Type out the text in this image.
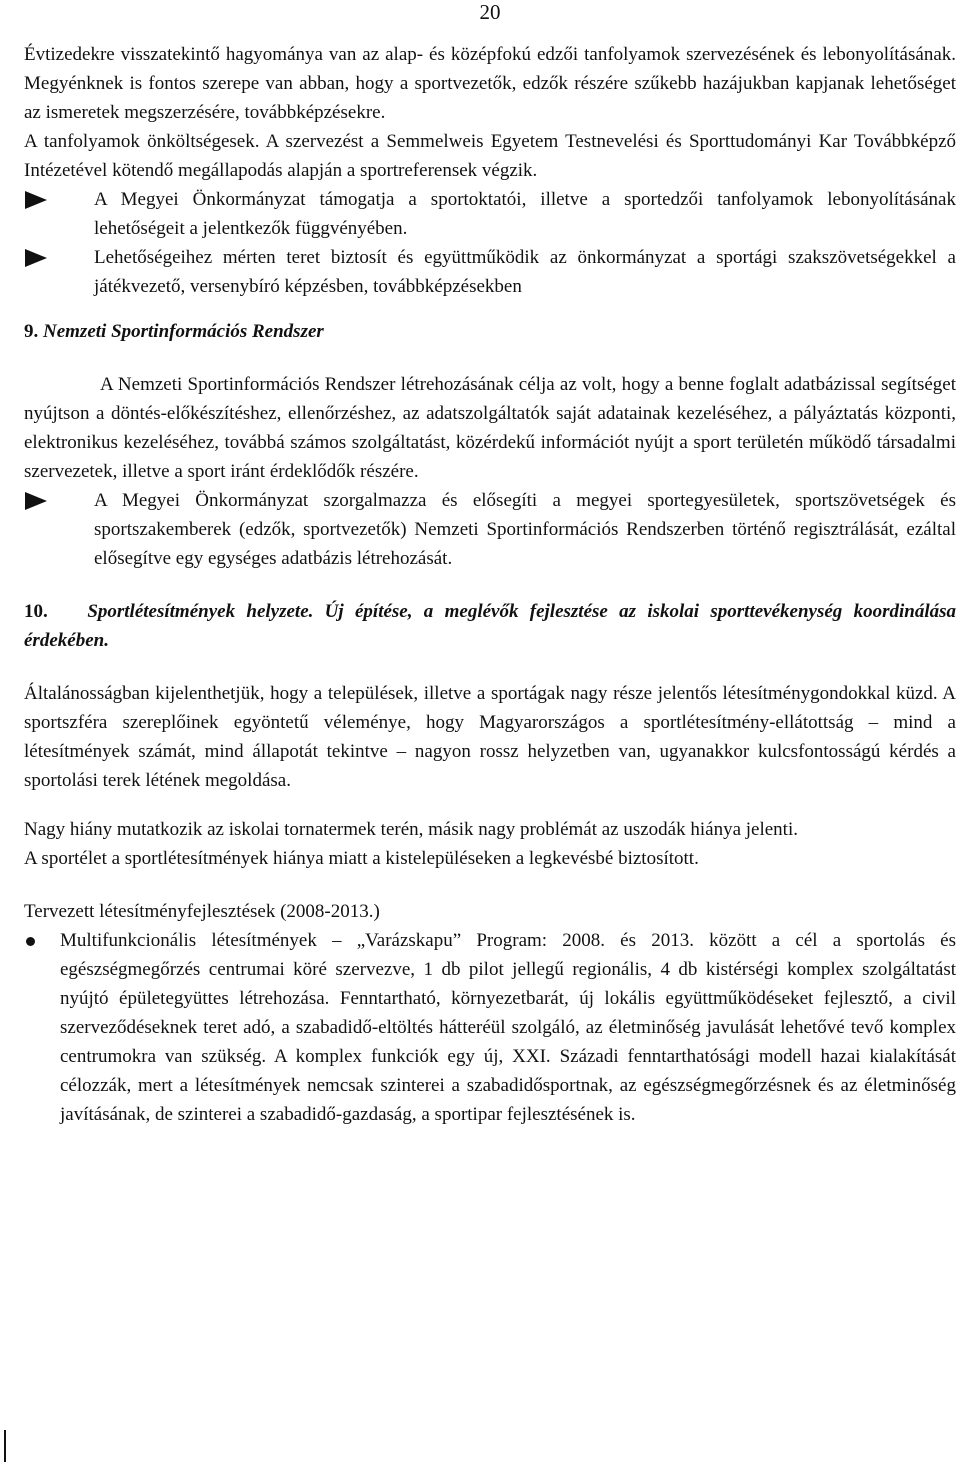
20

Évtizedekre visszatekintő hagyománya van az alap- és középfokú edzői tanfolyamok szervezésének és lebonyolításának. Megyénknek is fontos szerepe van abban, hogy a sportvezetők, edzők részére szűkebb hazájukban kapjanak lehetőséget az ismeretek megszerzésére, továbbképzésekre.

A tanfolyamok önköltségesek. A szervezést a Semmelweis Egyetem Testnevelési és Sporttudományi Kar Továbbképző Intézetével kötendő megállapodás alapján a sportreferensek végzik.

A Megyei Önkormányzat támogatja a sportoktatói, illetve a sportedzői tanfolyamok lebonyolításának lehetőségeit a jelentkezők függvényében.
Lehetőségeihez mérten teret biztosít és együttműködik az önkormányzat a sportági szakszövetségekkel a játékvezető, versenybíró képzésben, továbbképzésekben

9. Nemzeti Sportinformációs Rendszer

A Nemzeti Sportinformációs Rendszer létrehozásának célja az volt, hogy a benne foglalt adatbázissal segítséget nyújtson a döntés-előkészítéshez, ellenőrzéshez, az adatszolgáltatók saját adatainak kezeléséhez, a pályáztatás központi, elektronikus kezeléséhez, továbbá számos szolgáltatást, közérdekű információt nyújt a sport területén működő társadalmi szervezetek, illetve a sport iránt érdeklődők részére.

A Megyei Önkormányzat szorgalmazza és elősegíti a megyei sportegyesületek, sportszövetségek és sportszakemberek (edzők, sportvezetők) Nemzeti Sportinformációs Rendszerben történő regisztrálását, ezáltal elősegítve egy egységes adatbázis létrehozását.

10. Sportlétesítmények helyzete. Új építése, a meglévők fejlesztése az iskolai sporttevékenység koordinálása érdekében.

Általánosságban kijelenthetjük, hogy a települések, illetve a sportágak nagy része jelentős létesítménygondokkal küzd. A sportszféra szereplőinek egyöntetű véleménye, hogy Magyarországos a sportlétesítmény-ellátottság – mind a létesítmények számát, mind állapotát tekintve – nagyon rossz helyzetben van, ugyanakkor kulcsfontosságú kérdés a sportolási terek létének megoldása.

Nagy hiány mutatkozik az iskolai tornatermek terén, másik nagy problémát az uszodák hiánya jelenti.

A sportélet a sportlétesítmények hiánya miatt a kistelepüléseken a legkevésbé biztosított.

Tervezett létesítményfejlesztések (2008-2013.)

Multifunkcionális létesítmények – „Varázskapu” Program: 2008. és 2013. között a cél a sportolás és egészségmegőrzés centrumai köré szervezve, 1 db pilot jellegű regionális, 4 db kistérségi komplex szolgáltatást nyújtó épületegyüttes létrehozása. Fenntartható, környezetbarát, új lokális együttműködéseket fejlesztő, a civil szerveződéseknek teret adó, a szabadidő-eltöltés hátteréül szolgáló, az életminőség javulását lehetővé tevő komplex centrumokra van szükség. A komplex funkciók egy új, XXI. Századi fenntarthatósági modell hazai kialakítását célozzák, mert a létesítmények nemcsak szinterei a szabadidősportnak, az egészségmegőrzésnek és az életminőség javításának, de szinterei a szabadidő-gazdaság, a sportipar fejlesztésének is.
